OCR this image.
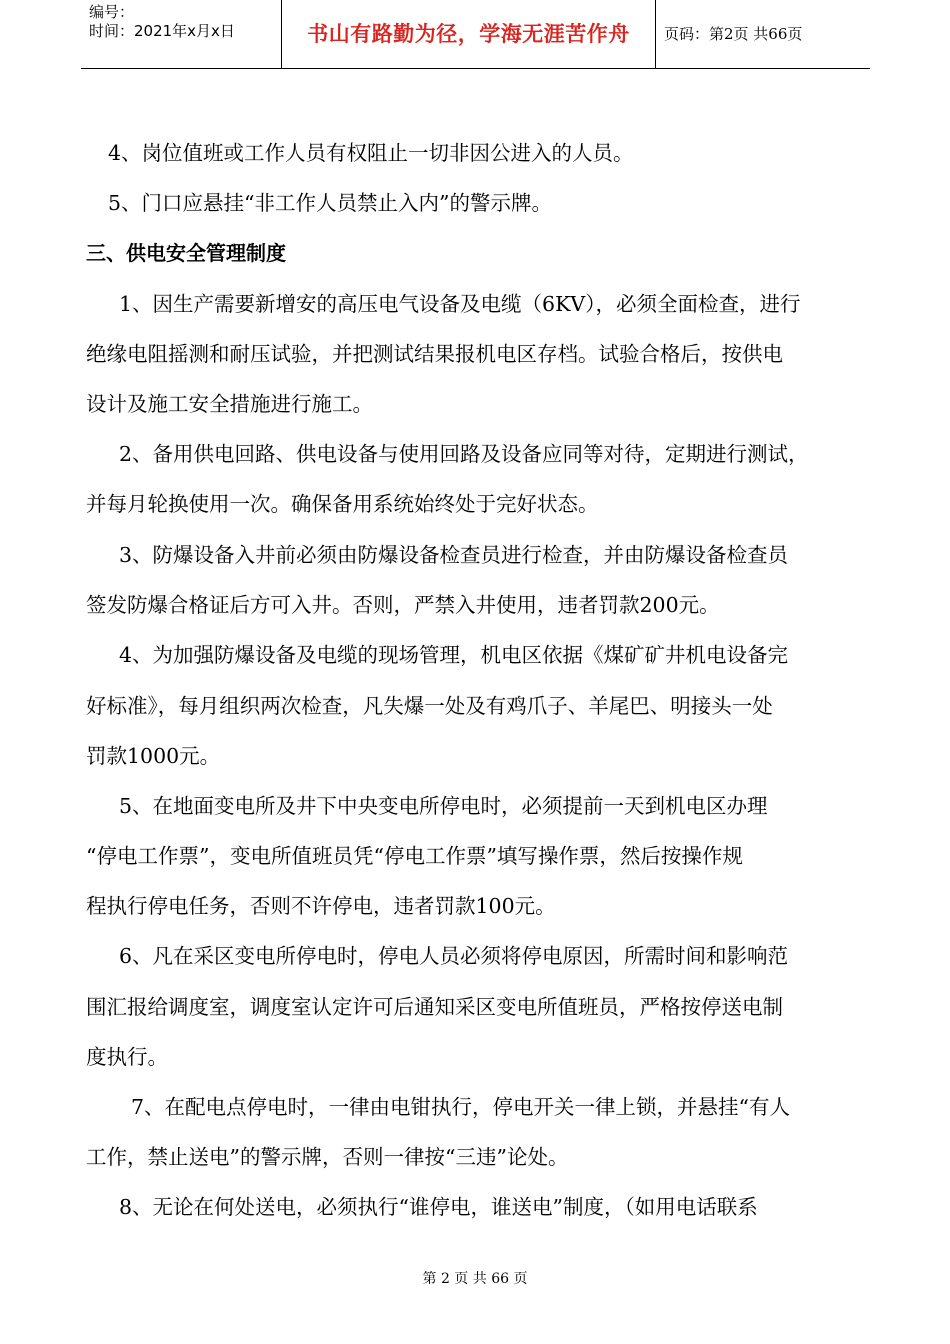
编号：
时间：2021年x月x日	书山有路勤为径，学海无涯苦作舟	页码：第2页 共66页
4、岗位值班或工作人员有权阻止一切非因公进入的人员。
5、门口应悬挂“非工作人员禁止入内”的警示牌。
三、供电安全管理制度
1、因生产需要新增安的高压电气设备及电缆（6KV），必须全面检查，进行
绝缘电阻摇测和耐压试验，并把测试结果报机电区存档。试验合格后，按供电
设计及施工安全措施进行施工。
2、备用供电回路、供电设备与使用回路及设备应同等对待，定期进行测试，
并每月轮换使用一次。确保备用系统始终处于完好状态。
3、防爆设备入井前必须由防爆设备检查员进行检查，并由防爆设备检查员
签发防爆合格证后方可入井。否则，严禁入井使用，违者罚款200元。
4、为加强防爆设备及电缆的现场管理，机电区依据《煤矿矿井机电设备完
好标准》，每月组织两次检查，凡失爆一处及有鸡爪子、羊尾巴、明接头一处
罚款1000元。
5、在地面变电所及井下中央变电所停电时，必须提前一天到机电区办理
“停电工作票”，变电所值班员凭“停电工作票”填写操作票，然后按操作规
程执行停电任务，否则不许停电，违者罚款100元。
6、凡在采区变电所停电时，停电人员必须将停电原因，所需时间和影响范
围汇报给调度室，调度室认定许可后通知采区变电所值班员，严格按停送电制
度执行。
7、在配电点停电时，一律由电钳执行，停电开关一律上锁，并悬挂“有人
工作，禁止送电”的警示牌，否则一律按“三违”论处。
8、无论在何处送电，必须执行“谁停电，谁送电”制度，（如用电话联系
第 2 页 共 66 页
